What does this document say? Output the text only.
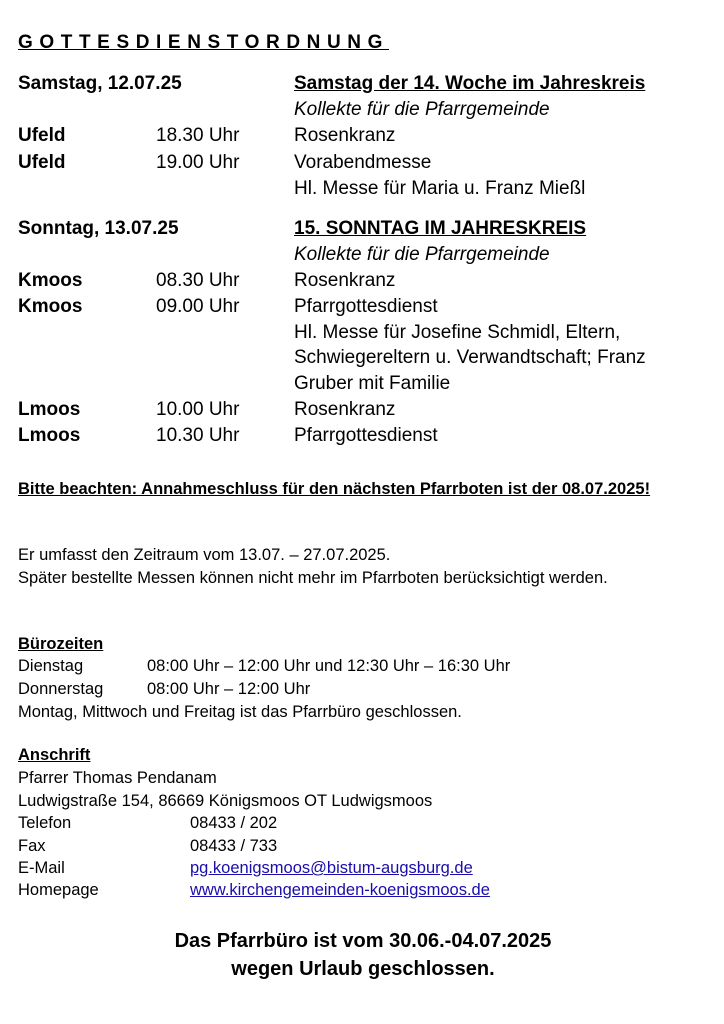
GOTTESDIENSTORDNUNG
Samstag, 12.07.25	Samstag der 14. Woche im Jahreskreis
Kollekte für die Pfarrgemeinde
Ufeld	18.30 Uhr	Rosenkranz
Ufeld	19.00 Uhr	Vorabendmesse
Hl. Messe für Maria u. Franz Mießl
Sonntag, 13.07.25	15. SONNTAG IM JAHRESKREIS
Kollekte für die Pfarrgemeinde
Kmoos	08.30 Uhr	Rosenkranz
Kmoos	09.00 Uhr	Pfarrgottesdienst
Hl. Messe für Josefine Schmidl, Eltern,
Schwiegereltern u. Verwandtschaft; Franz
Gruber mit Familie
Lmoos	10.00 Uhr	Rosenkranz
Lmoos	10.30 Uhr	Pfarrgottesdienst
Bitte beachten: Annahmeschluss für den nächsten Pfarrboten ist der 08.07.2025!
Er umfasst den Zeitraum vom 13.07. – 27.07.2025.
Später bestellte Messen können nicht mehr im Pfarrboten berücksichtigt werden.
Bürozeiten
Dienstag	08:00 Uhr – 12:00 Uhr und 12:30 Uhr – 16:30 Uhr
Donnerstag	08:00 Uhr – 12:00 Uhr
Montag, Mittwoch und Freitag ist das Pfarrbüro geschlossen.
Anschrift
Pfarrer Thomas Pendanam
Ludwigstraße 154, 86669 Königsmoos OT Ludwigsmoos
Telefon	08433 / 202
Fax	08433 / 733
E-Mail	pg.koenigsmoos@bistum-augsburg.de
Homepage	www.kirchengemeinden-koenigsmoos.de
Das Pfarrbüro ist vom 30.06.-04.07.2025
wegen Urlaub geschlossen.
